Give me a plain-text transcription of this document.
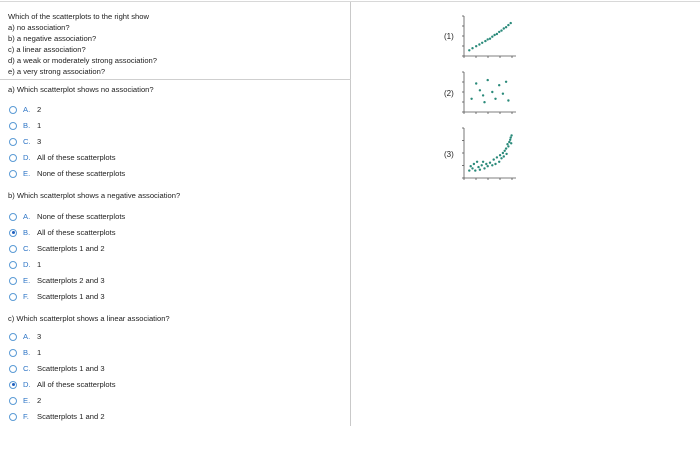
Which of the scatterplots to the right show
a) no association?
b) a negative association?
c) a linear association?
d) a weak or moderately strong association?
e) a very strong association?
a) Which scatterplot shows no association?
A. 2
B. 1
C. 3
D. All of these scatterplots
E. None of these scatterplots
b) Which scatterplot shows a negative association?
A. None of these scatterplots
B. All of these scatterplots
C. Scatterplots 1 and 2
D. 1
E. Scatterplots 2 and 3
F.	Scatterplots 1 and 3
c) Which scatterplot shows a linear association?
A. 3
B. 1
C. Scatterplots 1 and 3
D. All of these scatterplots
E. 2
F.	Scatterplots 1 and 2
(1)
(2)
(3)
